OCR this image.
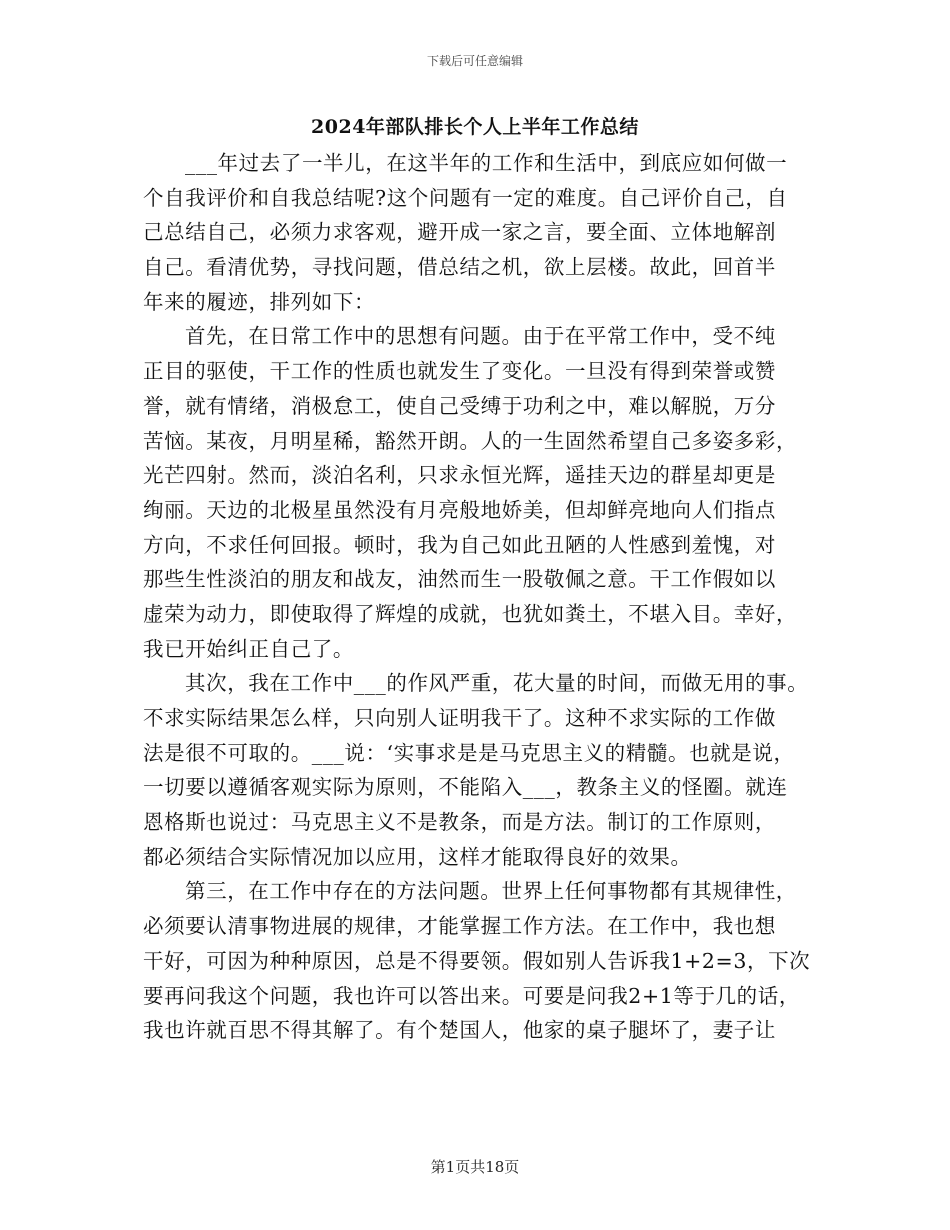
下载后可任意编辑
2024年部队排长个人上半年工作总结
___年过去了一半儿，在这半年的工作和生活中，到底应如何做一
个自我评价和自我总结呢?这个问题有一定的难度。自己评价自己，自
己总结自己，必须力求客观，避开成一家之言，要全面、立体地解剖
自己。看清优势，寻找问题，借总结之机，欲上层楼。故此，回首半
年来的履迹，排列如下：
首先，在日常工作中的思想有问题。由于在平常工作中，受不纯
正目的驱使，干工作的性质也就发生了变化。一旦没有得到荣誉或赞
誉，就有情绪，消极怠工，使自己受缚于功利之中，难以解脱，万分
苦恼。某夜，月明星稀，豁然开朗。人的一生固然希望自己多姿多彩，
光芒四射。然而，淡泊名利，只求永恒光辉，遥挂天边的群星却更是
绚丽。天边的北极星虽然没有月亮般地娇美，但却鲜亮地向人们指点
方向，不求任何回报。顿时，我为自己如此丑陋的人性感到羞愧，对
那些生性淡泊的朋友和战友，油然而生一股敬佩之意。干工作假如以
虚荣为动力，即使取得了辉煌的成就，也犹如粪土，不堪入目。幸好，
我已开始纠正自己了。
其次，我在工作中___的作风严重，花大量的时间，而做无用的事。
不求实际结果怎么样，只向别人证明我干了。这种不求实际的工作做
法是很不可取的。___说：‘实事求是是马克思主义的精髓。也就是说，
一切要以遵循客观实际为原则，不能陷入___，教条主义的怪圈。就连
恩格斯也说过：马克思主义不是教条，而是方法。制订的工作原则，
都必须结合实际情况加以应用，这样才能取得良好的效果。
第三，在工作中存在的方法问题。世界上任何事物都有其规律性，
必须要认清事物进展的规律，才能掌握工作方法。在工作中，我也想
干好，可因为种种原因，总是不得要领。假如别人告诉我1+2=3，下次
要再问我这个问题，我也许可以答出来。可要是问我2+1等于几的话，
我也许就百思不得其解了。有个楚国人，他家的桌子腿坏了，妻子让
第1页共18页
